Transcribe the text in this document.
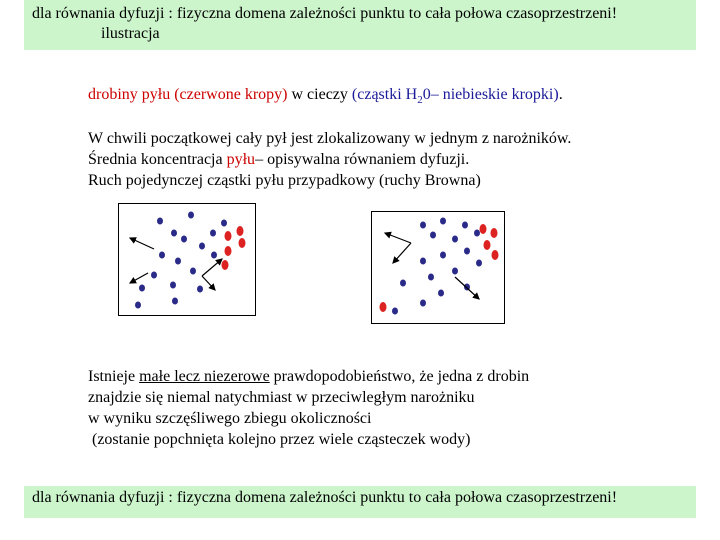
dla równania dyfuzji : fizyczna domena zależności punktu to cała połowa czasoprzestrzeni!
ilustracja
drobiny pyłu (czerwone kropy) w cieczy (cząstki $H_20-$ niebieskie kropki).
W chwili początkowej cały pył jest zlokalizowany w jednym z narożników.
Średnia koncentracja pyłu– opisywalna równaniem dyfuzji.
Ruch pojedynczej cząstki pyłu przypadkowy (ruchy Browna)
Istnieje małe lecz niezerowe prawdopodobieństwo, że jedna z drobin
znajdzie się niemal natychmiast w przeciwległym narożniku
w wyniku szczęśliwego zbiegu okoliczności
(zostanie popchnięta kolejno przez wiele cząsteczek wody)
dla równania dyfuzji : fizyczna domena zależności punktu to cała połowa czasoprzestrzeni!
